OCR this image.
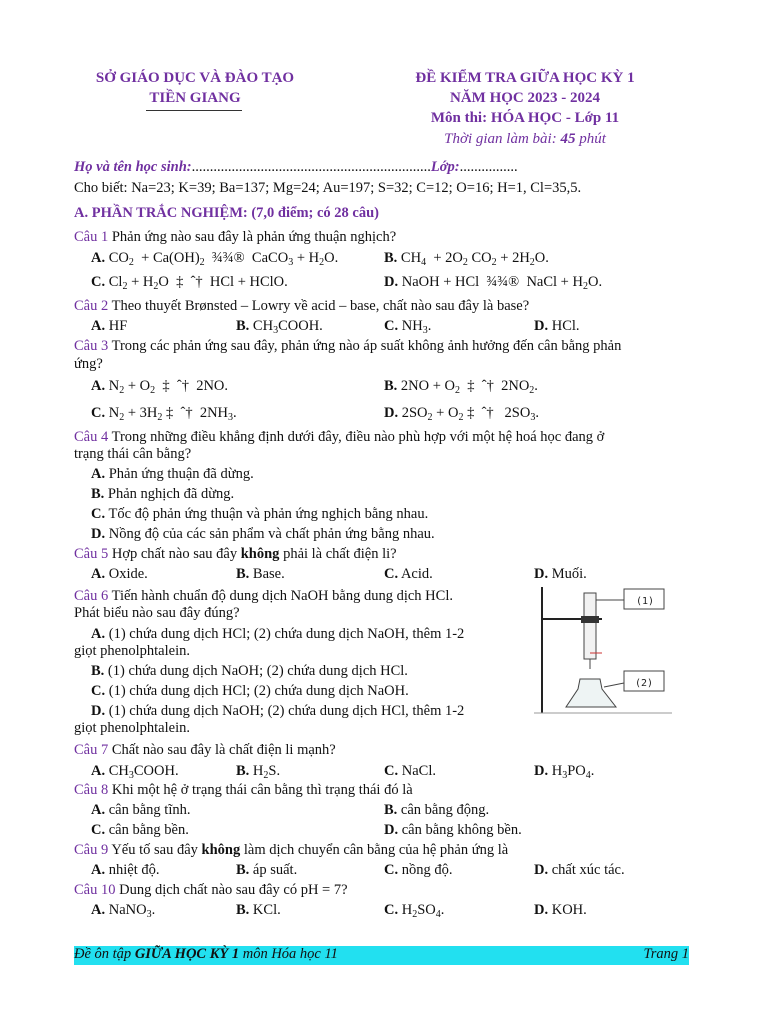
SỞ GIÁO DỤC VÀ ĐÀO TẠO
TIỀN GIANG
ĐỀ KIỂM TRA GIỮA HỌC KỲ 1
NĂM HỌC 2023 - 2024
Môn thi: HÓA HỌC - Lớp 11
Thời gian làm bài: 45 phút
Họ và tên học sinh:..................................................................Lớp:................
Cho biết: Na=23; K=39; Ba=137; Mg=24; Au=197; S=32; C=12; O=16; H=1, Cl=35,5.
A. PHẦN TRẮC NGHIỆM: (7,0 điểm; có 28 câu)
Câu 1 Phản ứng nào sau đây là phản ứng thuận nghịch?
A. $CO_2 + Ca(OH)_2$  ¾¾®  CaCO$_3$ + $H_2O$.	B. $CH_4 + 2O_2$ $CO_2 + 2H_2O$.
C. $Cl_2 + H_2O$  ‡  ˆ†  HCl + HClO.	D. NaOH + HCl  ¾¾®  NaCl + $H_2O$.
Câu 2 Theo thuyết Brønsted – Lowry về acid – base, chất nào sau đây là base?
A. HF	B. $CH_3COOH$.	C. $NH_3$.	D. HCl.
Câu 3 Trong các phản ứng sau đây, phản ứng nào áp suất không ảnh hưởng đến cân bằng phản
ứng?
A. $N_2 + O_2$  ‡  ˆ†  2NO.	B. $2NO + O_2$  ‡  ˆ†  $2NO_2$.
C. $N_2 + 3H_2$ ‡  ˆ†  $2NH_3$.	D. $2SO_2 + O_2$ ‡  ˆ†   $2SO_3$.
Câu 4 Trong những điều khẳng định dưới đây, điều nào phù hợp với một hệ hoá học đang ở
trạng thái cân bằng?
A. Phản ứng thuận đã dừng.
B. Phản nghịch đã dừng.
C. Tốc độ phản ứng thuận và phản ứng nghịch bằng nhau.
D. Nồng độ của các sản phẩm và chất phản ứng bằng nhau.
Câu 5 Hợp chất nào sau đây không phải là chất điện li?
A. Oxide.	B. Base.	C. Acid.	D. Muối.
Câu 6 Tiến hành chuẩn độ dung dịch NaOH bằng dung dịch HCl.
Phát biểu nào sau đây đúng?
A. (1) chứa dung dịch HCl; (2) chứa dung dịch NaOH, thêm 1-2
giọt phenolphtalein.
B. (1) chứa dung dịch NaOH; (2) chứa dung dịch HCl.
C. (1) chứa dung dịch HCl; (2) chứa dung dịch NaOH.
D. (1) chứa dung dịch NaOH; (2) chứa dung dịch HCl, thêm 1-2
giọt phenolphtalein.
(1)
(2)
Câu 7 Chất nào sau đây là chất điện li mạnh?
A. $CH_3COOH$.	B. $H_2S$.	C. NaCl.	D. $H_3PO_4$.
Câu 8 Khi một hệ ở trạng thái cân bằng thì trạng thái đó là
A. cân bằng tĩnh.	B. cân bằng động.
C. cân bằng bền.	D. cân bằng không bền.
Câu 9 Yếu tố sau đây không làm dịch chuyển cân bằng của hệ phản ứng là
A. nhiệt độ.	B. áp suất.	C. nồng độ.	D. chất xúc tác.
Câu 10 Dung dịch chất nào sau đây có pH = 7?
A. NaNO$_3$.	B. KCl.	C. $H_2SO_4$.	D. KOH.
Đề ôn tập GIỮA HỌC KỲ 1 môn Hóa học 11	Trang 1
